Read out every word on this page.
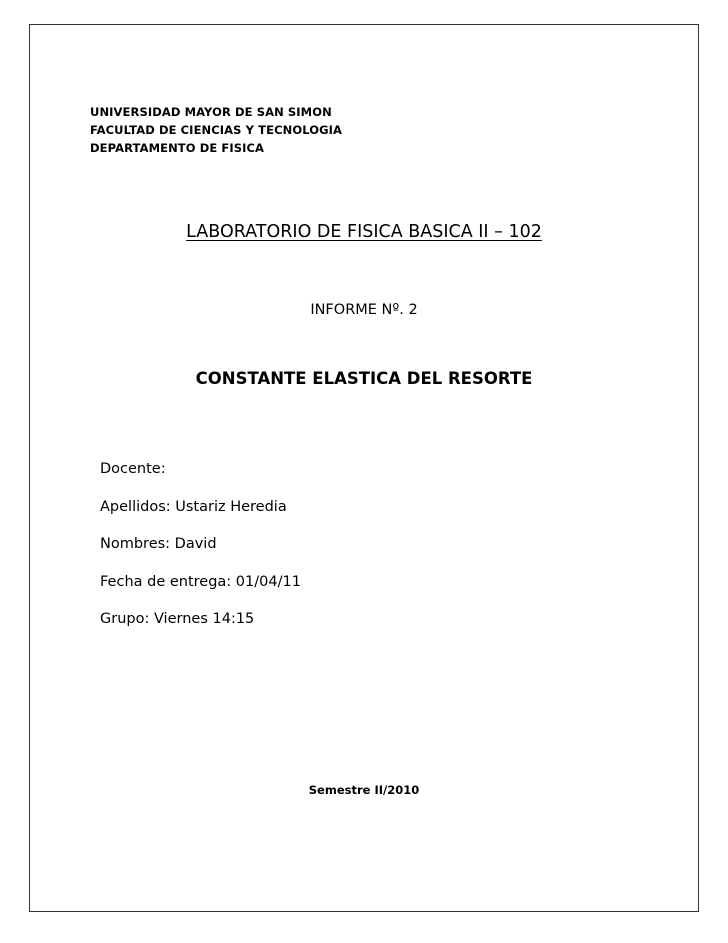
UNIVERSIDAD MAYOR DE SAN SIMON
FACULTAD DE CIENCIAS Y TECNOLOGIA
DEPARTAMENTO DE FISICA
LABORATORIO DE FISICA BASICA II – 102
INFORME Nº. 2
CONSTANTE ELASTICA DEL RESORTE
Docente:
Apellidos: Ustariz Heredia
Nombres: David
Fecha de entrega: 01/04/11
Grupo: Viernes 14:15
Semestre II/2010
